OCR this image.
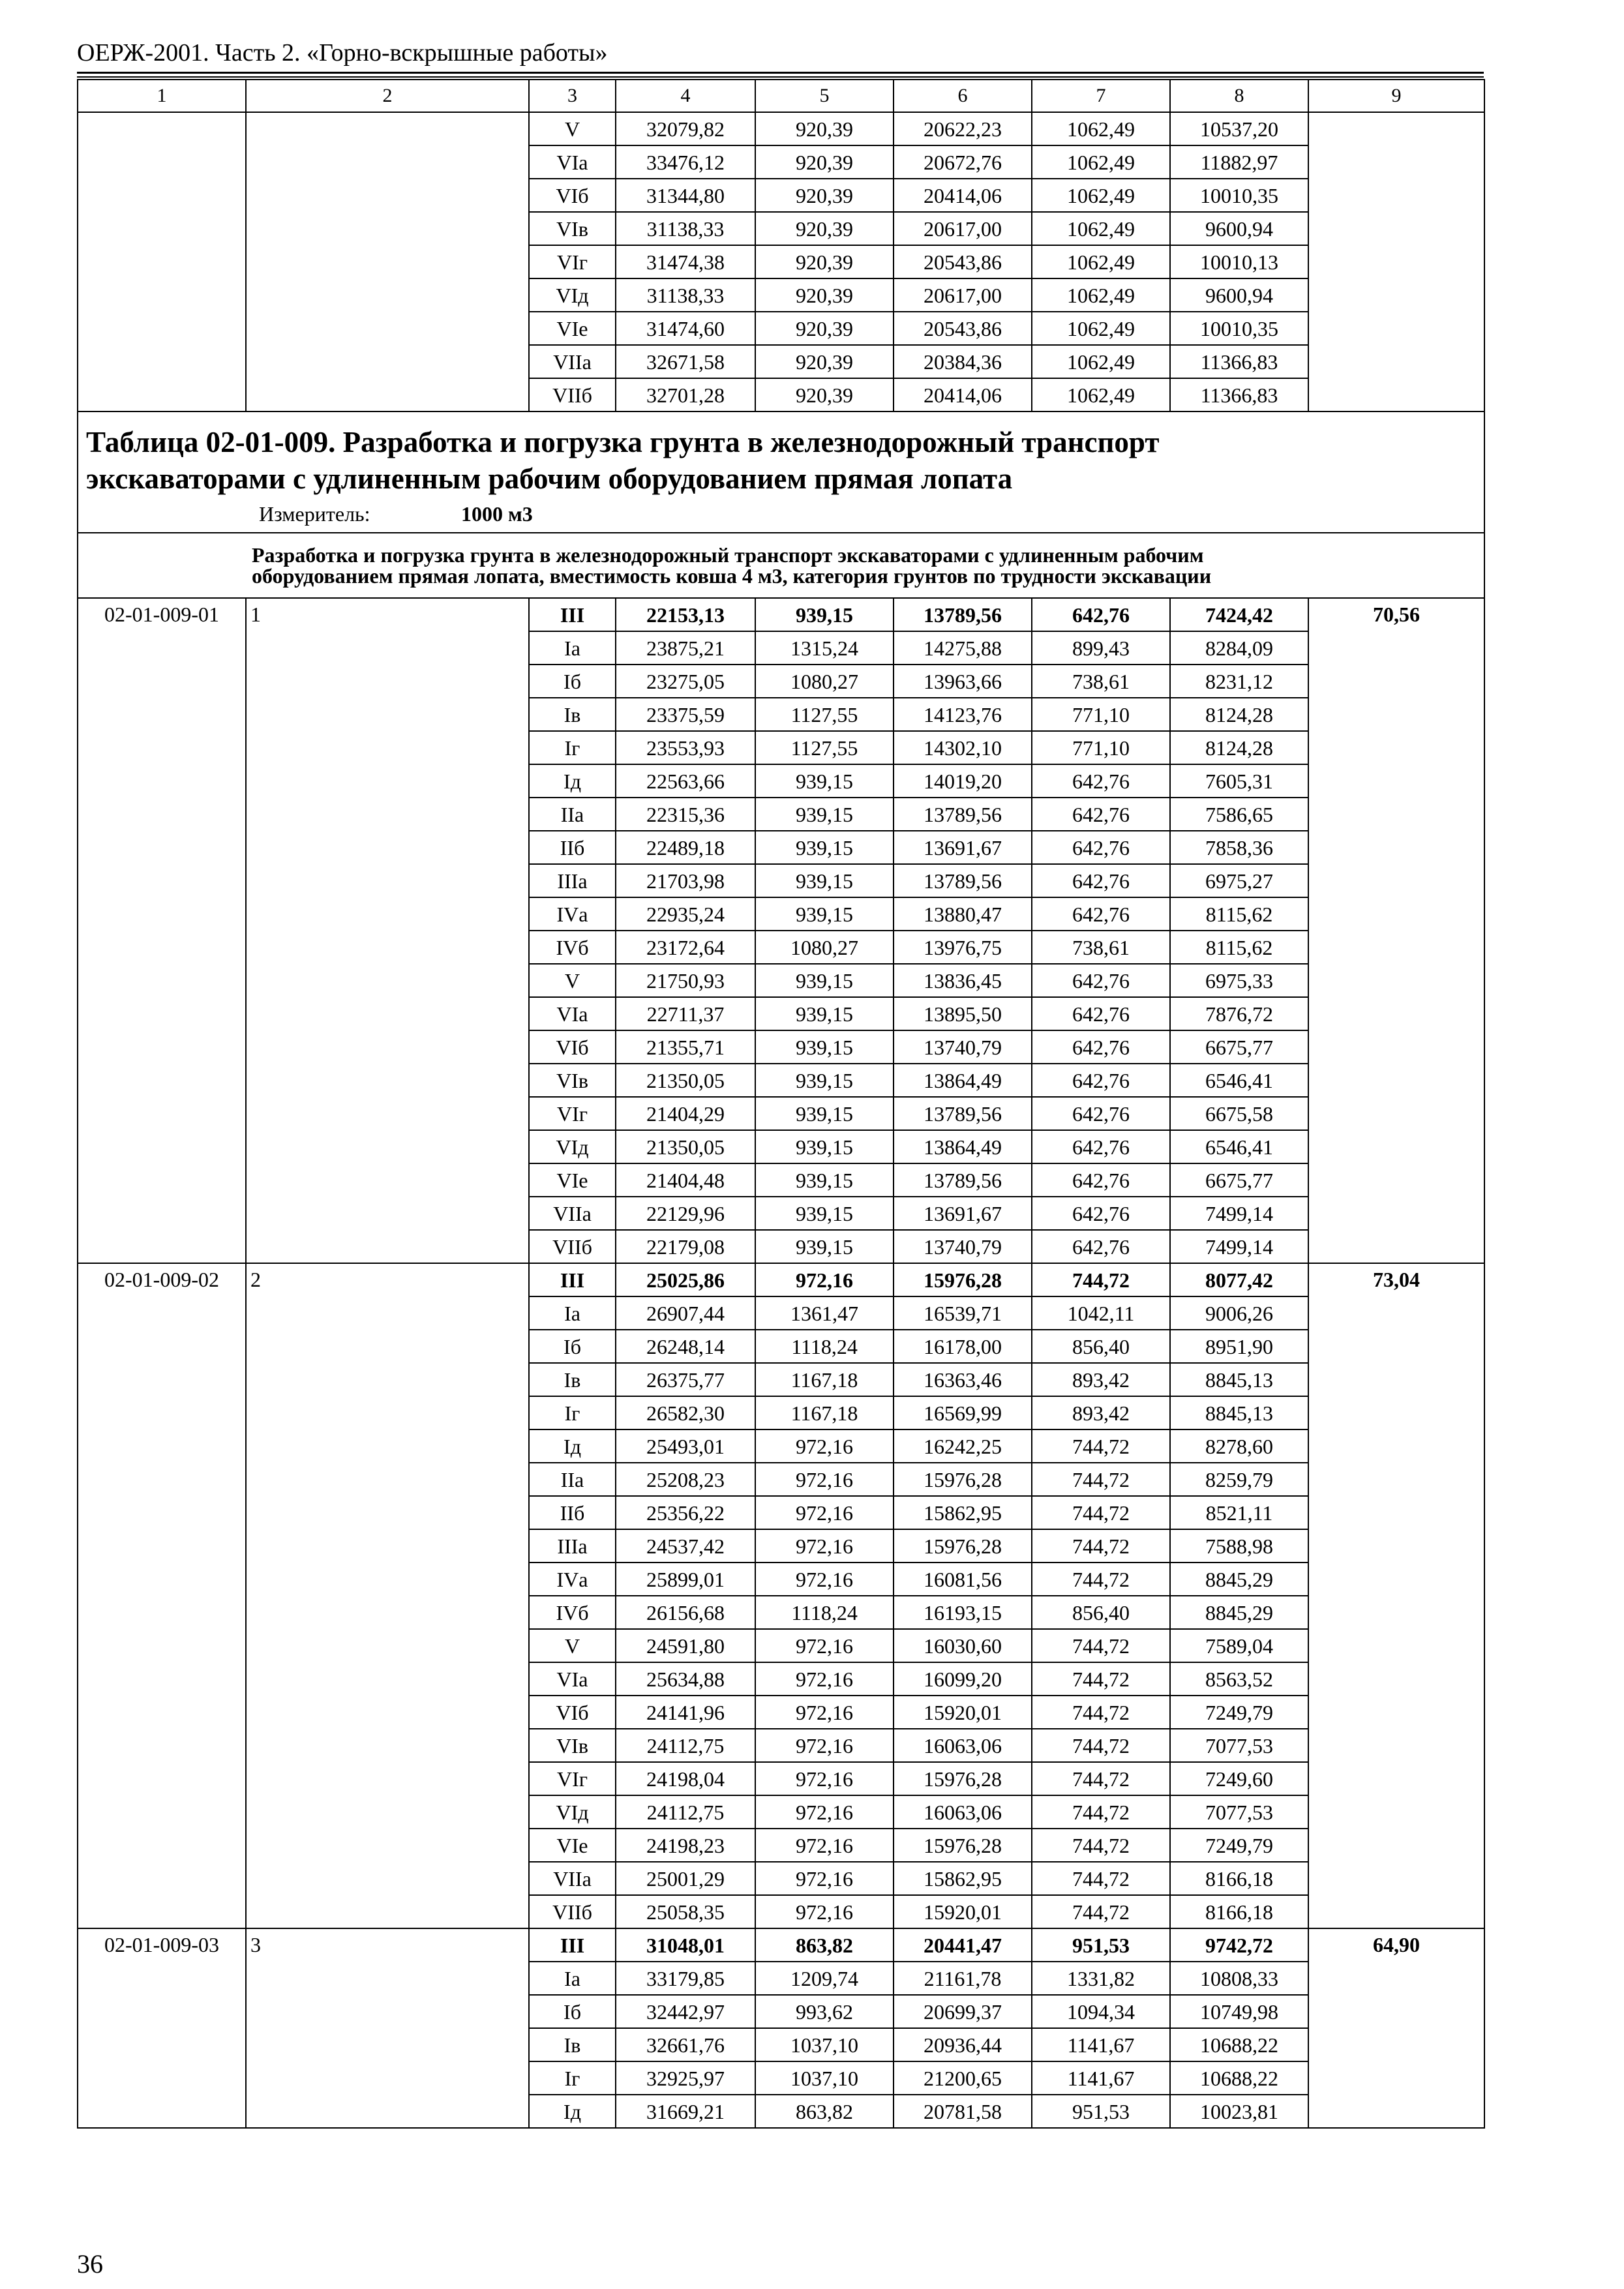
ОЕРЖ-2001. Часть 2. «Горно-вскрышные работы»
1	2	3	4	5	6	7	8	9
		V	32079,82	920,39	20622,23	1062,49	10537,20	
		VIа	33476,12	920,39	20672,76	1062,49	11882,97	
		VIб	31344,80	920,39	20414,06	1062,49	10010,35	
		VIв	31138,33	920,39	20617,00	1062,49	9600,94	
		VIг	31474,38	920,39	20543,86	1062,49	10010,13	
		VIд	31138,33	920,39	20617,00	1062,49	9600,94	
		VIе	31474,60	920,39	20543,86	1062,49	10010,35	
		VIIа	32671,58	920,39	20384,36	1062,49	11366,83	
		VIIб	32701,28	920,39	20414,06	1062,49	11366,83	

Таблица 02-01-009. Разработка и погрузка грунта в железнодорожный транспорт
экскаваторами с удлиненным рабочим оборудованием прямая лопата
Измеритель: 1000 м3								

Разработка и погрузка грунта в железнодорожный транспорт экскаваторами с удлиненным рабочим
оборудованием прямая лопата, вместимость ковша 4 м3, категория грунтов по трудности экскавации								

02-01-009-01	1	III	22153,13	939,15	13789,56	642,76	7424,42	70,56
		Iа	23875,21	1315,24	14275,88	899,43	8284,09	
		Iб	23275,05	1080,27	13963,66	738,61	8231,12	
		Iв	23375,59	1127,55	14123,76	771,10	8124,28	
		Iг	23553,93	1127,55	14302,10	771,10	8124,28	
		Iд	22563,66	939,15	14019,20	642,76	7605,31	
		IIа	22315,36	939,15	13789,56	642,76	7586,65	
		IIб	22489,18	939,15	13691,67	642,76	7858,36	
		IIIа	21703,98	939,15	13789,56	642,76	6975,27	
		IVа	22935,24	939,15	13880,47	642,76	8115,62	
		IVб	23172,64	1080,27	13976,75	738,61	8115,62	
		V	21750,93	939,15	13836,45	642,76	6975,33	
		VIа	22711,37	939,15	13895,50	642,76	7876,72	
		VIб	21355,71	939,15	13740,79	642,76	6675,77	
		VIв	21350,05	939,15	13864,49	642,76	6546,41	
		VIг	21404,29	939,15	13789,56	642,76	6675,58	
		VIд	21350,05	939,15	13864,49	642,76	6546,41	
		VIе	21404,48	939,15	13789,56	642,76	6675,77	
		VIIа	22129,96	939,15	13691,67	642,76	7499,14	
		VIIб	22179,08	939,15	13740,79	642,76	7499,14	
02-01-009-02	2	III	25025,86	972,16	15976,28	744,72	8077,42	73,04
		Iа	26907,44	1361,47	16539,71	1042,11	9006,26	
		Iб	26248,14	1118,24	16178,00	856,40	8951,90	
		Iв	26375,77	1167,18	16363,46	893,42	8845,13	
		Iг	26582,30	1167,18	16569,99	893,42	8845,13	
		Iд	25493,01	972,16	16242,25	744,72	8278,60	
		IIа	25208,23	972,16	15976,28	744,72	8259,79	
		IIб	25356,22	972,16	15862,95	744,72	8521,11	
		IIIа	24537,42	972,16	15976,28	744,72	7588,98	
		IVа	25899,01	972,16	16081,56	744,72	8845,29	
		IVб	26156,68	1118,24	16193,15	856,40	8845,29	
		V	24591,80	972,16	16030,60	744,72	7589,04	
		VIа	25634,88	972,16	16099,20	744,72	8563,52	
		VIб	24141,96	972,16	15920,01	744,72	7249,79	
		VIв	24112,75	972,16	16063,06	744,72	7077,53	
		VIг	24198,04	972,16	15976,28	744,72	7249,60	
		VIд	24112,75	972,16	16063,06	744,72	7077,53	
		VIе	24198,23	972,16	15976,28	744,72	7249,79	
		VIIа	25001,29	972,16	15862,95	744,72	8166,18	
		VIIб	25058,35	972,16	15920,01	744,72	8166,18	
02-01-009-03	3	III	31048,01	863,82	20441,47	951,53	9742,72	64,90
		Iа	33179,85	1209,74	21161,78	1331,82	10808,33	
		Iб	32442,97	993,62	20699,37	1094,34	10749,98	
		Iв	32661,76	1037,10	20936,44	1141,67	10688,22	
		Iг	32925,97	1037,10	21200,65	1141,67	10688,22	
		Iд	31669,21	863,82	20781,58	951,53	10023,81	
36
